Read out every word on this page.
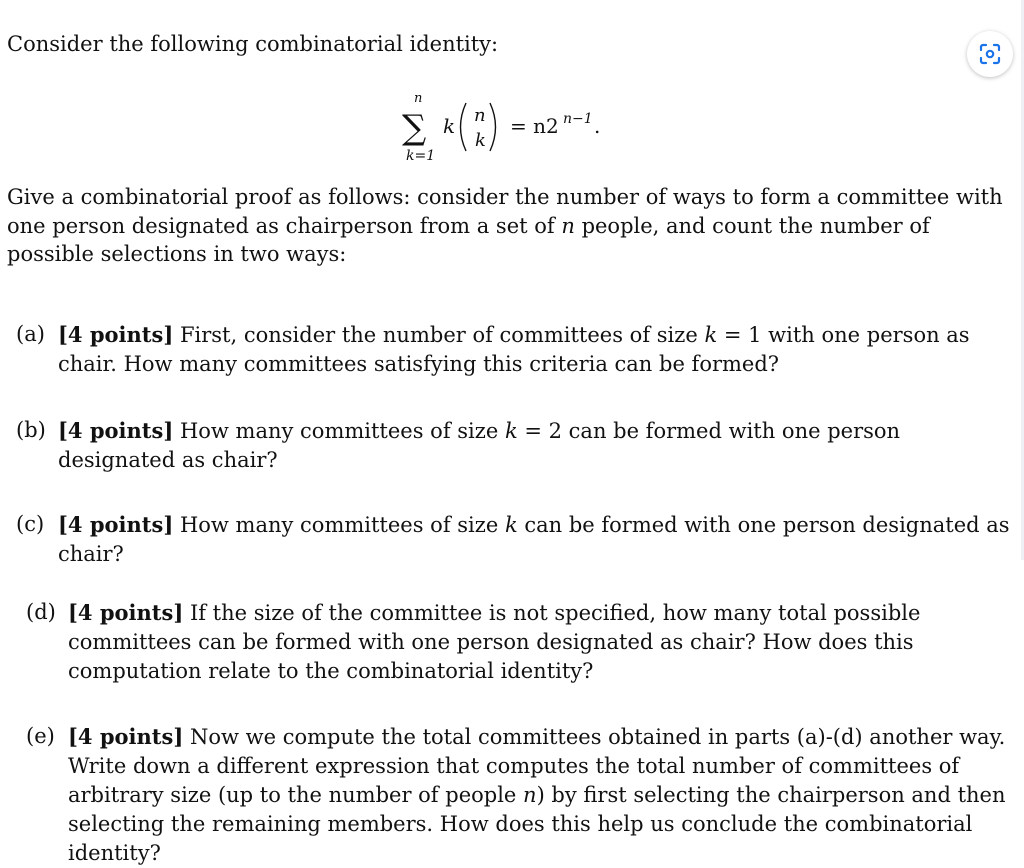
Consider the following combinatorial identity:
n
∑
k=1
k n
k
= n2 n−1 .
Give a combinatorial proof as follows: consider the number of ways to form a committee with one person designated as chairperson from a set of n people, and count the number of possible selections in two ways:
(a) [4 points] First, consider the number of committees of size k = 1 with one person as chair. How many committees satisfying this criteria can be formed?
(b) [4 points] How many committees of size k = 2 can be formed with one person designated as chair?
(c) [4 points] How many committees of size k can be formed with one person designated as chair?
(d) [4 points] If the size of the committee is not specified, how many total possible committees can be formed with one person designated as chair? How does this computation relate to the combinatorial identity?
(e) [4 points] Now we compute the total committees obtained in parts (a)-(d) another way. Write down a different expression that computes the total number of committees of arbitrary size (up to the number of people n) by first selecting the chairperson and then selecting the remaining members. How does this help us conclude the combinatorial identity?
